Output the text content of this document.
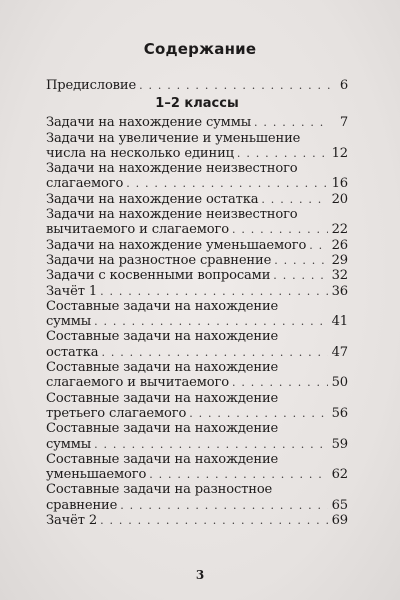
Содержание
Предисловие . . .	6
1–2 классы
Задачи на нахождение суммы . . .	7
Задачи на увеличение и уменьшение
числа на несколько единиц . . .	12
Задачи на нахождение неизвестного
слагаемого . . .	16
Задачи на нахождение остатка . . .	20
Задачи на нахождение неизвестного
вычитаемого и слагаемого . . .	22
Задачи на нахождение уменьшаемого . . . 26
Задачи на разностное сравнение . . .	29
Задачи с косвенными вопросами . . .	32
Зачёт 1 . . .	36
Составные задачи на нахождение
суммы . . .	41
Составные задачи на нахождение
остатка . . .	47
Составные задачи на нахождение
слагаемого и вычитаемого . . .	50
Составные задачи на нахождение
третьего слагаемого . . .	56
Составные задачи на нахождение
суммы . . .	59
Составные задачи на нахождение
уменьшаемого . . .	62
Составные задачи на разностное
сравнение . . .	65
Зачёт 2 . . .	69
3
